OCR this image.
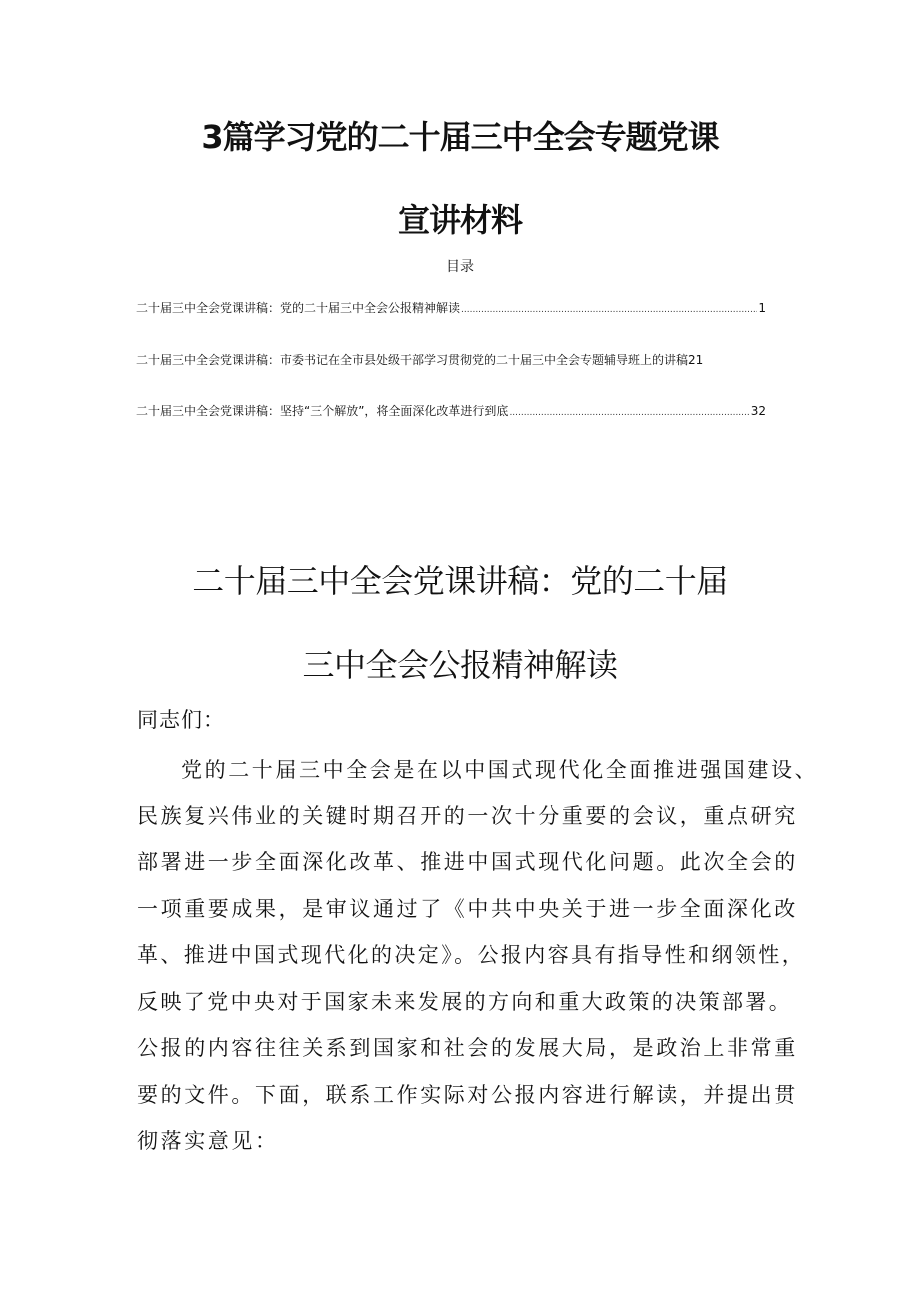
3篇学习党的二十届三中全会专题党课
宣讲材料
目录
二十届三中全会党课讲稿：党的二十届三中全会公报精神解读 .....	1
二十届三中全会党课讲稿：市委书记在全市县处级干部学习贯彻党的二十届三中全会专题辅导班上的讲稿 21
二十届三中全会党课讲稿：坚持“三个解放”，将全面深化改革进行到底 .....	32
二十届三中全会党课讲稿：党的二十届
三中全会公报精神解读
同志们：
党的二十届三中全会是在以中国式现代化全面推进强国建设、
民族复兴伟业的关键时期召开的一次十分重要的会议，重点研究
部署进一步全面深化改革、推进中国式现代化问题。此次全会的
一项重要成果，是审议通过了《中共中央关于进一步全面深化改
革、推进中国式现代化的决定》。公报内容具有指导性和纲领性，
反映了党中央对于国家未来发展的方向和重大政策的决策部署。
公报的内容往往关系到国家和社会的发展大局，是政治上非常重
要的文件。下面，联系工作实际对公报内容进行解读，并提出贯
彻落实意见：
